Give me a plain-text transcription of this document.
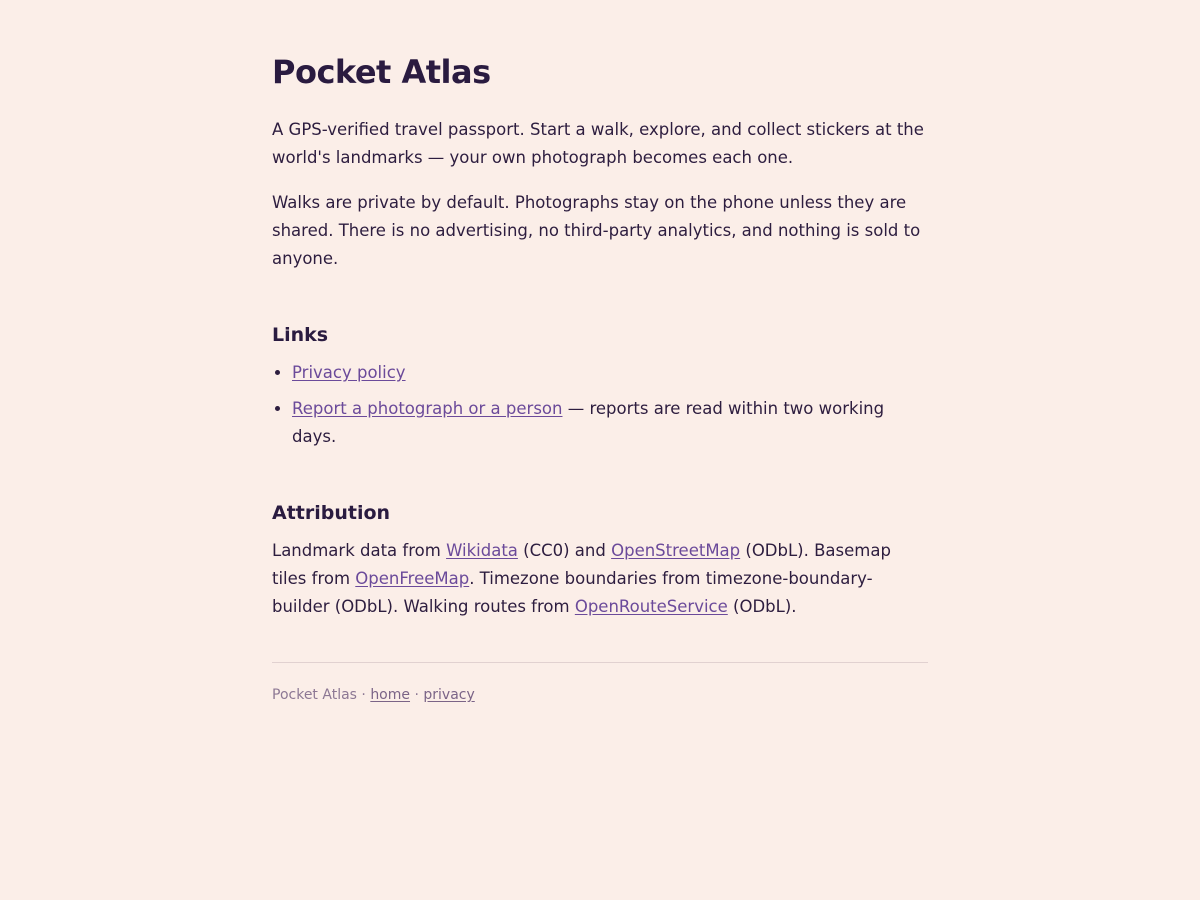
Pocket Atlas

A GPS-verified travel passport. Start a walk, explore, and collect stickers at the world's landmarks — your own photograph becomes each one.

Walks are private by default. Photographs stay on the phone unless they are shared. There is no advertising, no third-party analytics, and nothing is sold to anyone.

Links
• Privacy policy
• Report a photograph or a person — reports are read within two working days.
Attribution

Landmark data from Wikidata (CC0) and OpenStreetMap (ODbL). Basemap tiles from OpenFreeMap. Timezone boundaries from timezone-boundary-builder (ODbL). Walking routes from OpenRouteService (ODbL).

Pocket Atlas · home · privacy
